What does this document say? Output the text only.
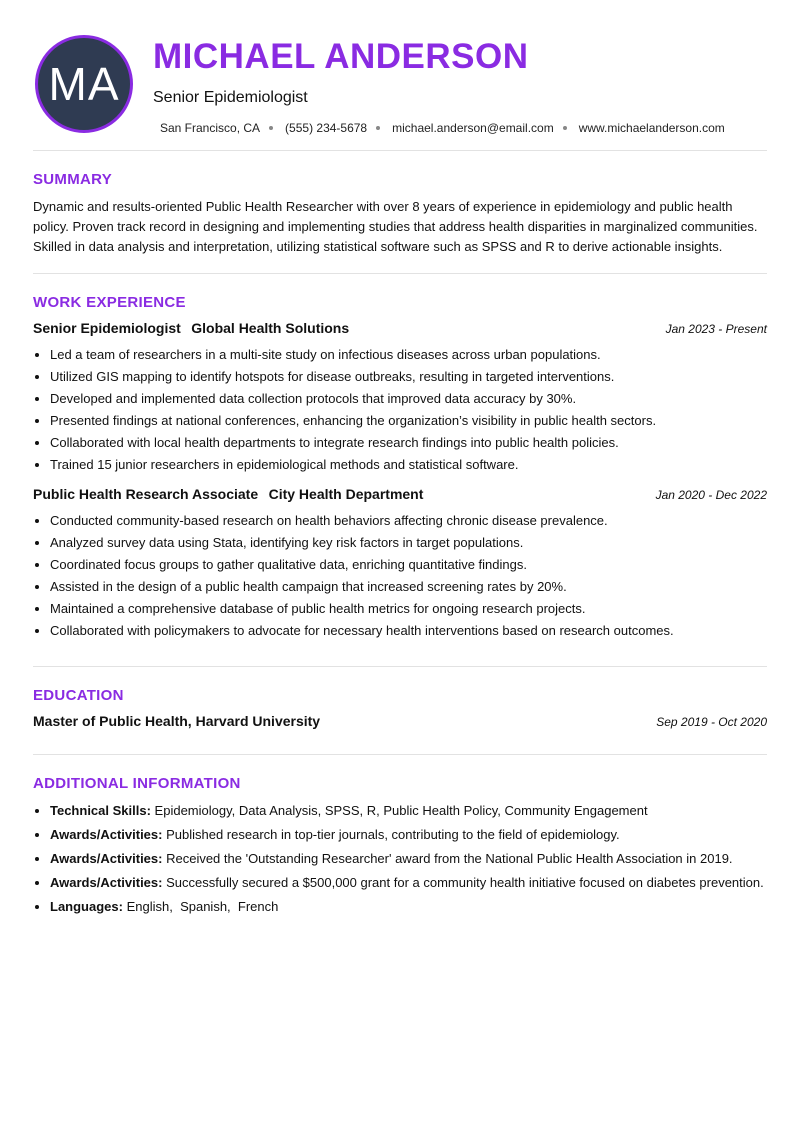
MA
MICHAEL ANDERSON
Senior Epidemiologist
San Francisco, CA (555) 234-5678 michael.anderson@email.com www.michaelanderson.com
SUMMARY

Dynamic and results-oriented Public Health Researcher with over 8 years of experience in epidemiology and public health policy. Proven track record in designing and implementing studies that address health disparities in marginalized communities. Skilled in data analysis and interpretation, utilizing statistical software such as SPSS and R to derive actionable insights.

WORK EXPERIENCE
Senior Epidemiologist Global Health Solutions	Jan 2023 - Present
• Led a team of researchers in a multi-site study on infectious diseases across urban populations.
• Utilized GIS mapping to identify hotspots for disease outbreaks, resulting in targeted interventions.
• Developed and implemented data collection protocols that improved data accuracy by 30%.
• Presented findings at national conferences, enhancing the organization’s visibility in public health sectors.
• Collaborated with local health departments to integrate research findings into public health policies.
• Trained 15 junior researchers in epidemiological methods and statistical software.
Public Health Research Associate City Health Department	Jan 2020 - Dec 2022
• Conducted community-based research on health behaviors affecting chronic disease prevalence.
• Analyzed survey data using Stata, identifying key risk factors in target populations.
• Coordinated focus groups to gather qualitative data, enriching quantitative findings.
• Assisted in the design of a public health campaign that increased screening rates by 20%.
• Maintained a comprehensive database of public health metrics for ongoing research projects.
• Collaborated with policymakers to advocate for necessary health interventions based on research outcomes.
EDUCATION
Master of Public Health, Harvard University	Sep 2019 - Oct 2020
ADDITIONAL INFORMATION
• Technical Skills: Epidemiology, Data Analysis, SPSS, R, Public Health Policy, Community Engagement
• Awards/Activities: Published research in top-tier journals, contributing to the field of epidemiology.
• Awards/Activities: Received the 'Outstanding Researcher' award from the National Public Health Association in 2019.
• Awards/Activities: Successfully secured a $500,000 grant for a community health initiative focused on diabetes prevention.
• Languages: English,  Spanish,  French
